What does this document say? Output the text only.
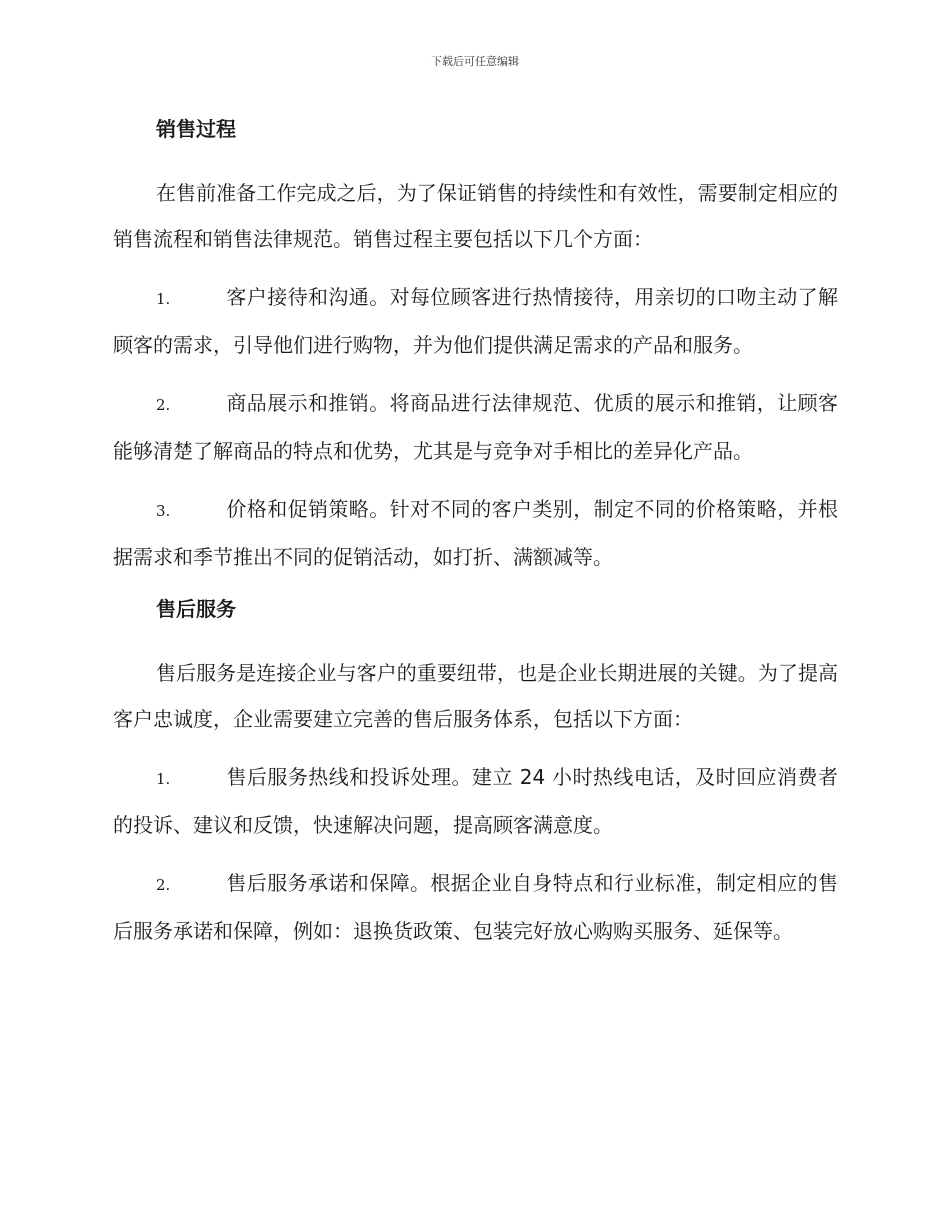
下载后可任意编辑
销售过程

在售前准备工作完成之后，为了保证销售的持续性和有效性，需要制定相应的销售流程和销售法律规范。销售过程主要包括以下几个方面：

1.	客户接待和沟通。对每位顾客进行热情接待，用亲切的口吻主动了解顾客的需求，引导他们进行购物，并为他们提供满足需求的产品和服务。

2.	商品展示和推销。将商品进行法律规范、优质的展示和推销，让顾客能够清楚了解商品的特点和优势，尤其是与竞争对手相比的差异化产品。

3.	价格和促销策略。针对不同的客户类别，制定不同的价格策略，并根据需求和季节推出不同的促销活动，如打折、满额减等。

售后服务

售后服务是连接企业与客户的重要纽带，也是企业长期进展的关键。为了提高客户忠诚度，企业需要建立完善的售后服务体系，包括以下方面：

1.	售后服务热线和投诉处理。建立 24 小时热线电话，及时回应消费者的投诉、建议和反馈，快速解决问题，提高顾客满意度。

2.	售后服务承诺和保障。根据企业自身特点和行业标准，制定相应的售后服务承诺和保障，例如：退换货政策、包装完好放心购购买服务、延保等。
